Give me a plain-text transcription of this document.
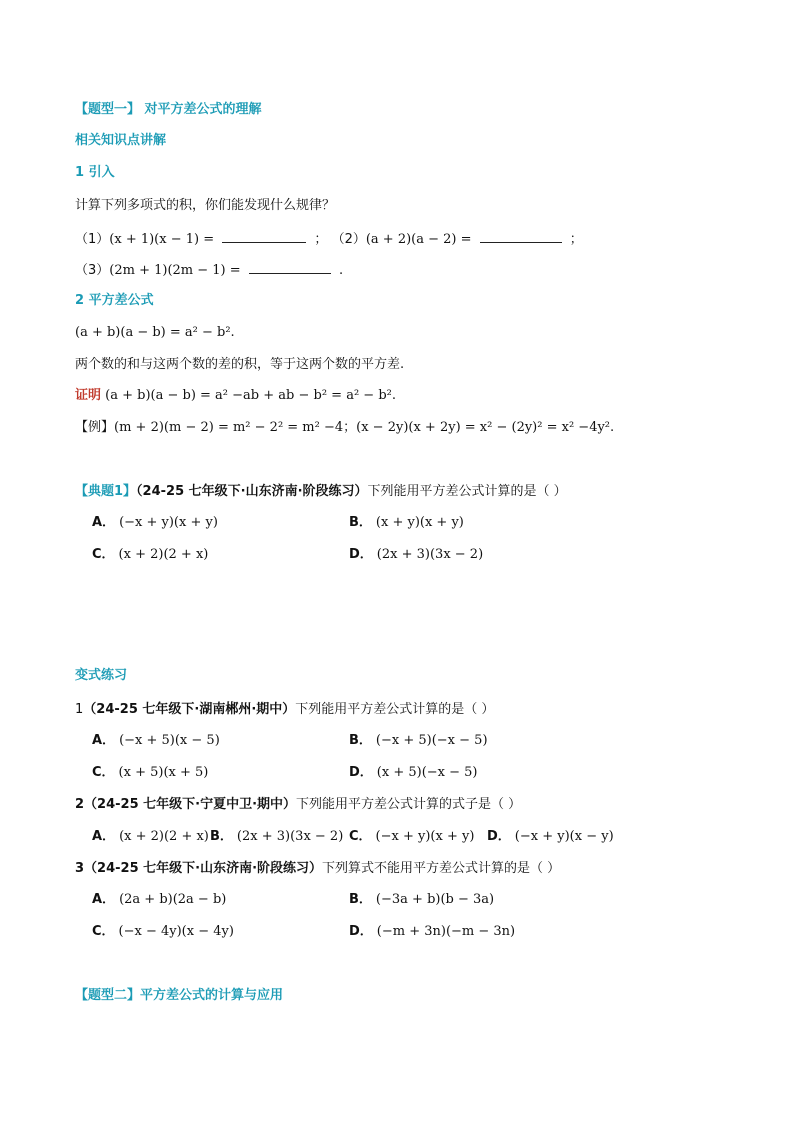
【题型一】 对平方差公式的理解
相关知识点讲解
1 引入
计算下列多项式的积，你们能发现什么规律？
（1）(x + 1)(x − 1) =	； （2）(a + 2)(a − 2) =	；
（3）(2m + 1)(2m − 1) =	.
2 平方差公式
(a + b)(a − b) = a² − b².
两个数的和与这两个数的差的积，等于这两个数的平方差.
证明 (a + b)(a − b) = a² −ab + ab − b² = a² − b².
【例】(m + 2)(m − 2) = m² − 2² = m² −4；(x − 2y)(x + 2y) = x² − (2y)² = x² −4y².
【典题1】（24-25 七年级下·山东济南·阶段练习）下列能用平方差公式计算的是（ ）
A． (−x + y)(x + y)	B． (x + y)(x + y)
C． (x + 2)(2 + x)	D． (2x + 3)(3x − 2)
变式练习
1（24-25 七年级下·湖南郴州·期中）下列能用平方差公式计算的是（ ）
A． (−x + 5)(x − 5)	B． (−x + 5)(−x − 5)
C． (x + 5)(x + 5)	D． (x + 5)(−x − 5)
2（24-25 七年级下·宁夏中卫·期中）下列能用平方差公式计算的式子是（ ）
A． (x + 2)(2 + x) B． (2x + 3)(3x − 2) C． (−x + y)(x + y) D． (−x + y)(x − y)
3（24-25 七年级下·山东济南·阶段练习）下列算式不能用平方差公式计算的是（ ）
A． (2a + b)(2a − b)	B． (−3a + b)(b − 3a)
C． (−x − 4y)(x − 4y)	D． (−m + 3n)(−m − 3n)
【题型二】平方差公式的计算与应用
